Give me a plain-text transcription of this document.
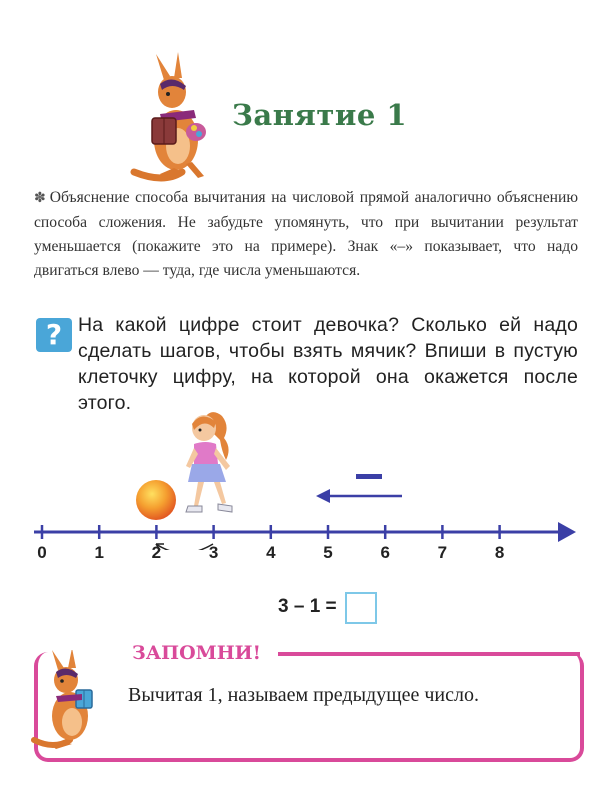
Занятие 1
✽ Объяснение способа вычитания на числовой прямой аналогично объяснению способа сложения. Не забудьте упомянуть, что при вычитании результат уменьшается (покажите это на примере). Знак «–» показывает, что надо двигаться влево — туда, где числа уменьшаются.
? На какой цифре стоит девочка? Сколько ей надо сделать шагов, чтобы взять мячик? Впиши в пустую клеточку цифру, на которой она окажется после этого.
0	1	2	3	4	5	6	7	8
3 – 1 =
ЗАПОМНИ!
Вычитая 1, называем предыдущее число.
